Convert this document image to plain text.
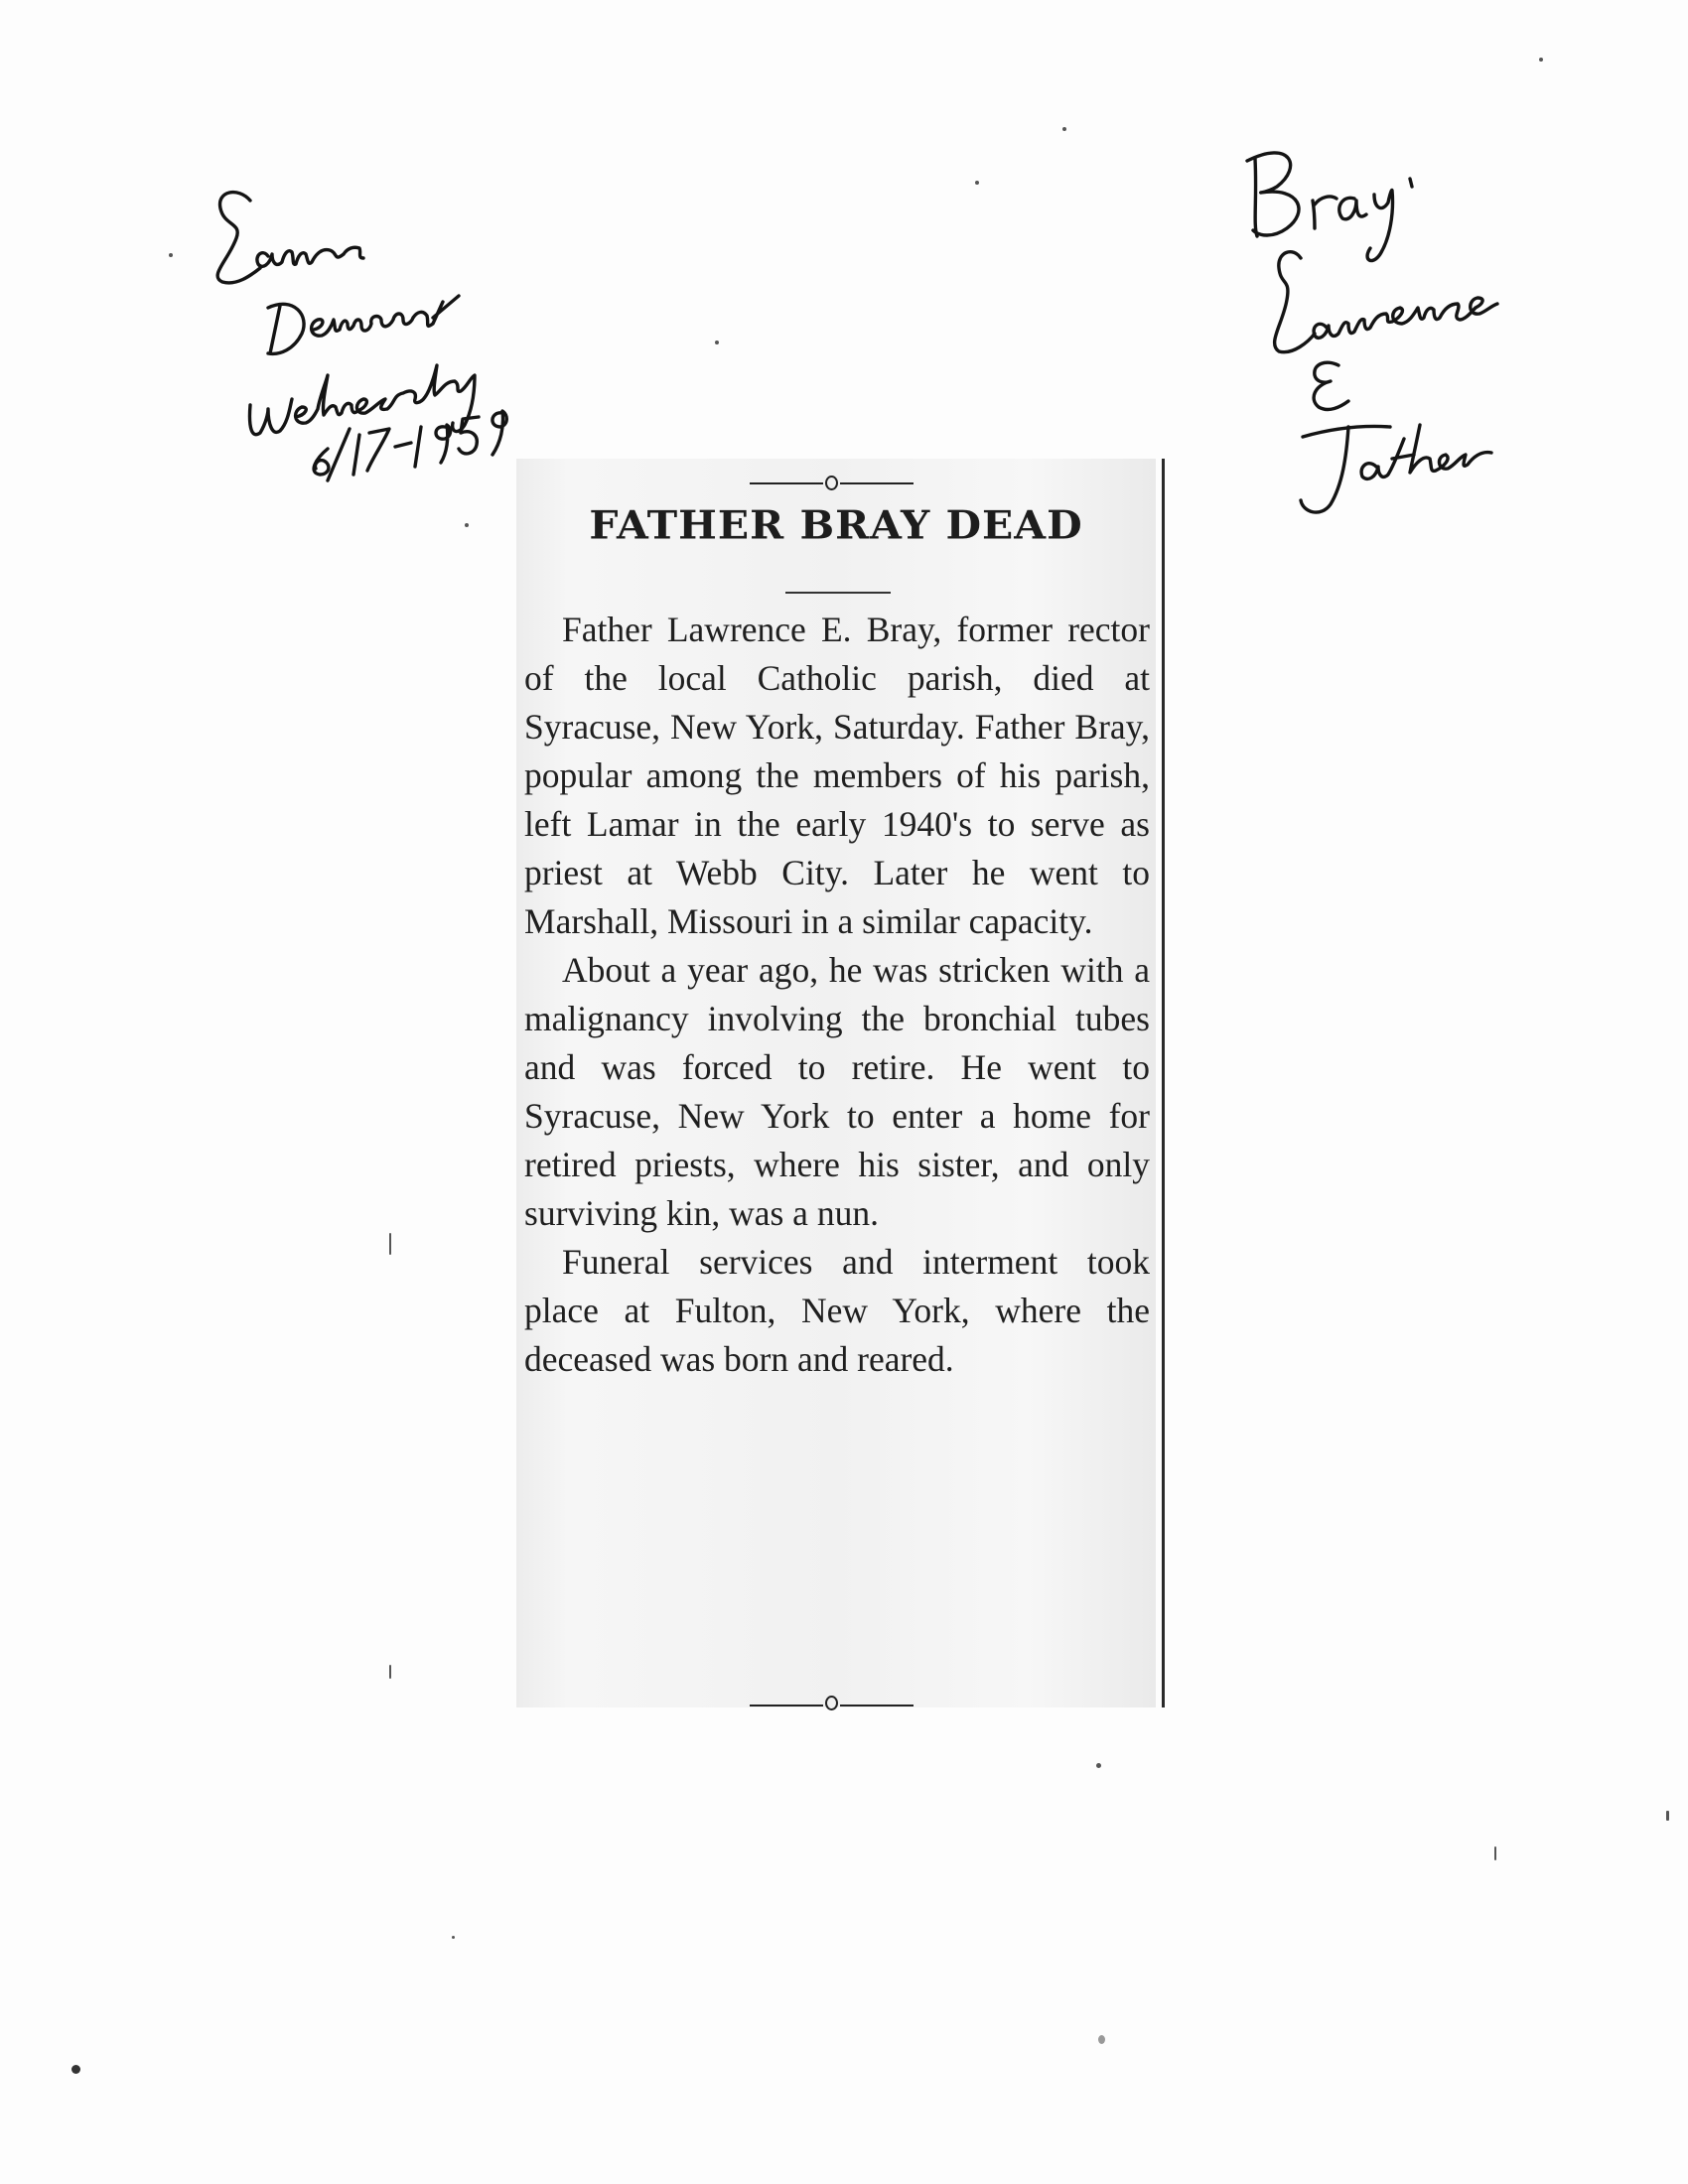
FATHER BRAY DEAD

Father Lawrence E. Bray, former rector of the local Catholic parish, died at Syracuse, New York, Saturday. Father Bray, popular among the members of his parish, left Lamar in the early 1940's to serve as priest at Webb City. Later he went to Marshall, Missouri in a similar capacity.

About a year ago, he was stricken with a malignancy involving the bronchial tubes and was forced to retire. He went to Syracuse, New York to enter a home for retired priests, where his sister, and only surviving kin, was a nun.

Funeral services and interment took place at Fulton, New York, where the deceased was born and reared.
